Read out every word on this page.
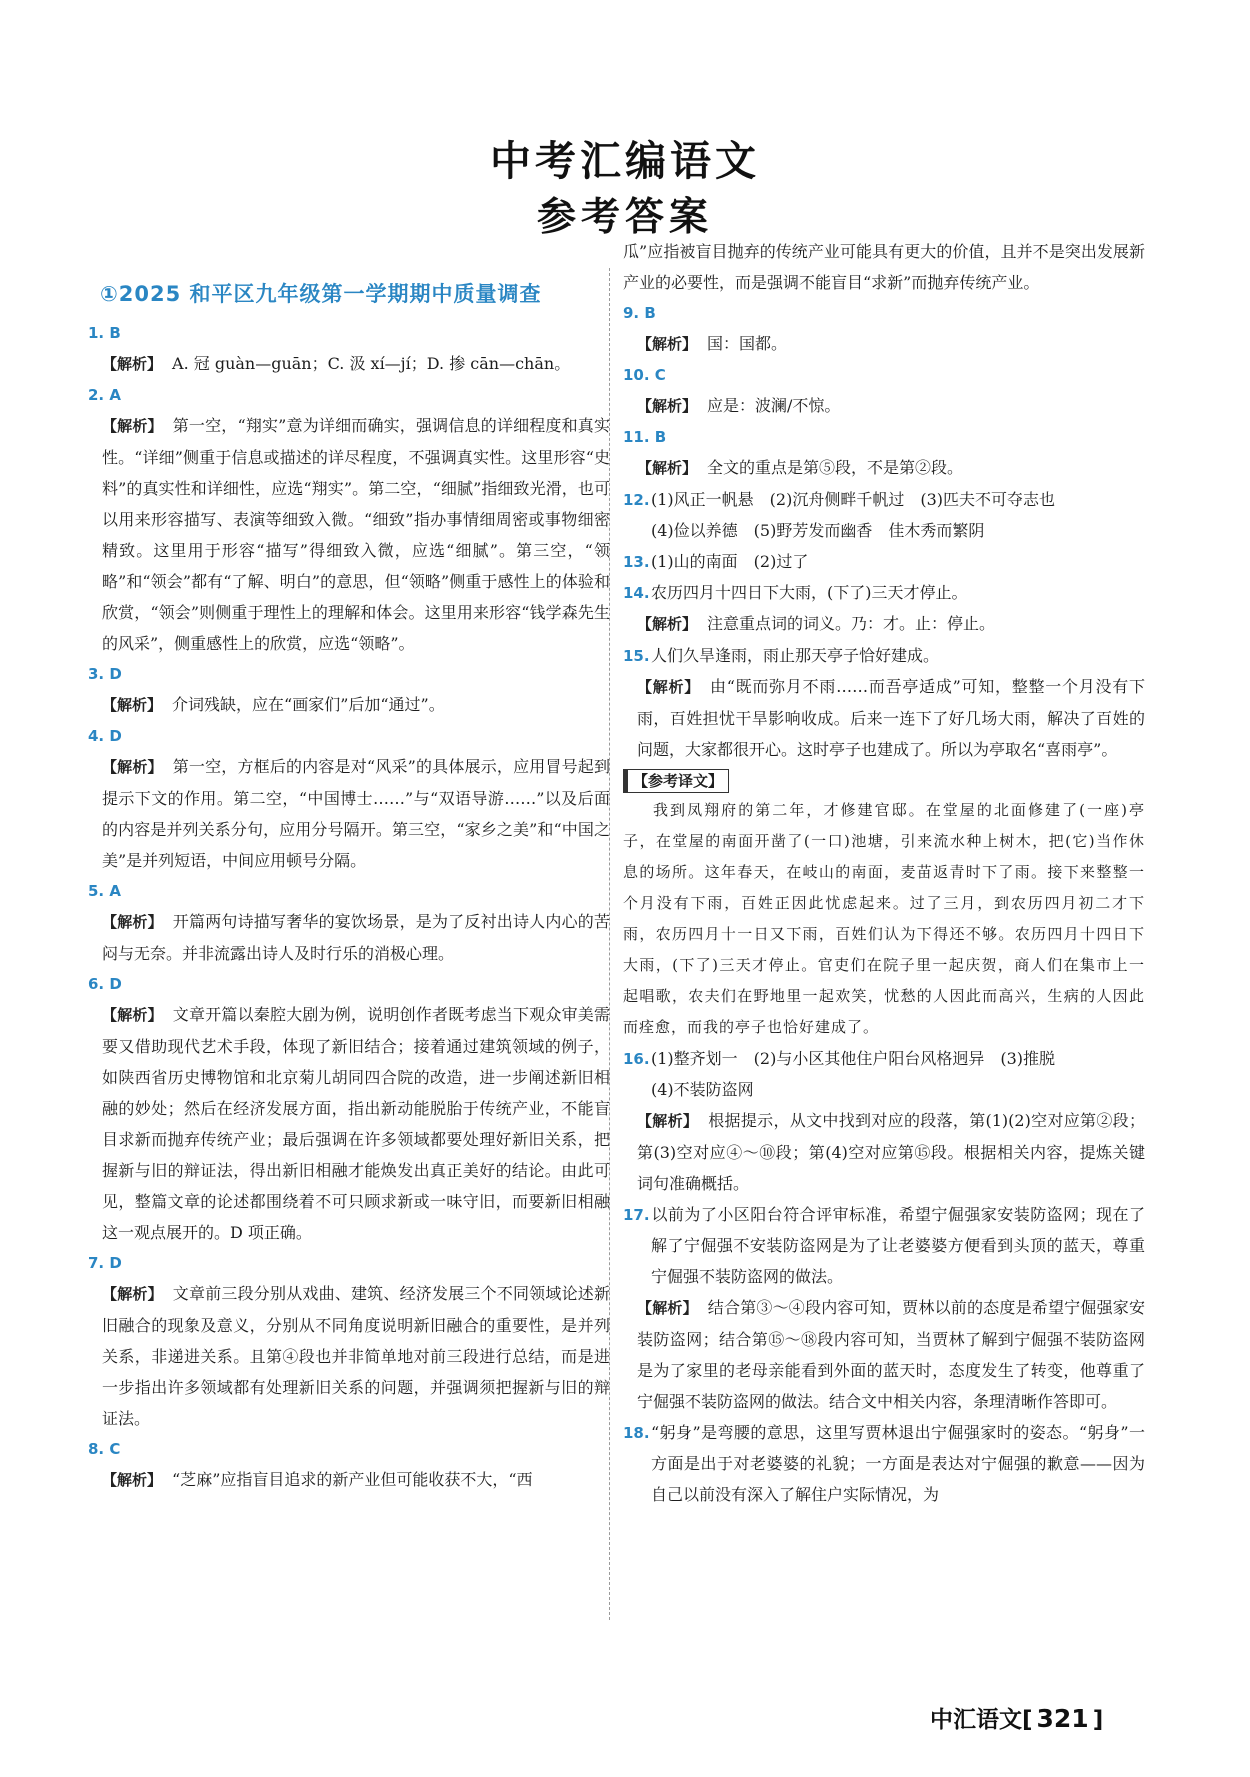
中考汇编语文
参考答案
①2025 和平区九年级第一学期期中质量调查
1. B
【解析】 A. 冠 guàn—guān；C. 汲 xí—jí；D. 掺 cān—chān。
2. A
【解析】 第一空，“翔实”意为详细而确实，强调信息的详细程度和真实性。“详细”侧重于信息或描述的详尽程度，不强调真实性。这里形容“史料”的真实性和详细性，应选“翔实”。第二空，“细腻”指细致光滑，也可以用来形容描写、表演等细致入微。“细致”指办事情细周密或事物细密精致。这里用于形容“描写”得细致入微，应选“细腻”。第三空，“领略”和“领会”都有“了解、明白”的意思，但“领略”侧重于感性上的体验和欣赏，“领会”则侧重于理性上的理解和体会。这里用来形容“钱学森先生的风采”，侧重感性上的欣赏，应选“领略”。
3. D
【解析】 介词残缺，应在“画家们”后加“通过”。
4. D
【解析】 第一空，方框后的内容是对“风采”的具体展示，应用冒号起到提示下文的作用。第二空，“中国博士……”与“双语导游……”以及后面的内容是并列关系分句，应用分号隔开。第三空，“家乡之美”和“中国之美”是并列短语，中间应用顿号分隔。
5. A
【解析】 开篇两句诗描写奢华的宴饮场景，是为了反衬出诗人内心的苦闷与无奈。并非流露出诗人及时行乐的消极心理。
6. D
【解析】 文章开篇以秦腔大剧为例，说明创作者既考虑当下观众审美需要又借助现代艺术手段，体现了新旧结合；接着通过建筑领域的例子，如陕西省历史博物馆和北京菊儿胡同四合院的改造，进一步阐述新旧相融的妙处；然后在经济发展方面，指出新动能脱胎于传统产业，不能盲目求新而抛弃传统产业；最后强调在许多领域都要处理好新旧关系，把握新与旧的辩证法，得出新旧相融才能焕发出真正美好的结论。由此可见，整篇文章的论述都围绕着不可只顾求新或一味守旧，而要新旧相融这一观点展开的。D 项正确。
7. D
【解析】 文章前三段分别从戏曲、建筑、经济发展三个不同领域论述新旧融合的现象及意义，分别从不同角度说明新旧融合的重要性，是并列关系，非递进关系。且第④段也并非简单地对前三段进行总结，而是进一步指出许多领域都有处理新旧关系的问题，并强调须把握新与旧的辩证法。
8. C
【解析】 “芝麻”应指盲目追求的新产业但可能收获不大，“西
瓜”应指被盲目抛弃的传统产业可能具有更大的价值，且并不是突出发展新产业的必要性，而是强调不能盲目“求新”而抛弃传统产业。
9. B
【解析】 国：国都。
10. C
【解析】 应是：波澜/不惊。
11. B
【解析】 全文的重点是第⑤段，不是第②段。
12.(1)风正一帆悬　(2)沉舟侧畔千帆过　(3)匹夫不可夺志也
(4)俭以养德　(5)野芳发而幽香　佳木秀而繁阴
13.(1)山的南面　(2)过了
14.农历四月十四日下大雨，(下了)三天才停止。
【解析】 注意重点词的词义。乃：才。止：停止。
15.人们久旱逢雨，雨止那天亭子恰好建成。
【解析】 由“既而弥月不雨……而吾亭适成”可知，整整一个月没有下雨，百姓担忧干旱影响收成。后来一连下了好几场大雨，解决了百姓的问题，大家都很开心。这时亭子也建成了。所以为亭取名“喜雨亭”。
【参考译文】
我到凤翔府的第二年，才修建官邸。在堂屋的北面修建了(一座)亭子，在堂屋的南面开凿了(一口)池塘，引来流水种上树木，把(它)当作休息的场所。这年春天，在岐山的南面，麦苗返青时下了雨。接下来整整一个月没有下雨，百姓正因此忧虑起来。过了三月，到农历四月初二才下雨，农历四月十一日又下雨，百姓们认为下得还不够。农历四月十四日下大雨，(下了)三天才停止。官吏们在院子里一起庆贺，商人们在集市上一起唱歌，农夫们在野地里一起欢笑，忧愁的人因此而高兴，生病的人因此而痊愈，而我的亭子也恰好建成了。
16.(1)整齐划一　(2)与小区其他住户阳台风格迥异　(3)推脱
(4)不装防盗网
【解析】 根据提示，从文中找到对应的段落，第(1)(2)空对应第②段；第(3)空对应④～⑩段；第(4)空对应第⑮段。根据相关内容，提炼关键词句准确概括。
17.以前为了小区阳台符合评审标准，希望宁倔强家安装防盗网；现在了解了宁倔强不安装防盗网是为了让老婆婆方便看到头顶的蓝天，尊重宁倔强不装防盗网的做法。
【解析】 结合第③～④段内容可知，贾林以前的态度是希望宁倔强家安装防盗网；结合第⑮～⑱段内容可知，当贾林了解到宁倔强不装防盗网是为了家里的老母亲能看到外面的蓝天时，态度发生了转变，他尊重了宁倔强不装防盗网的做法。结合文中相关内容，条理清晰作答即可。
18.“躬身”是弯腰的意思，这里写贾林退出宁倔强家时的姿态。“躬身”一方面是出于对老婆婆的礼貌；一方面是表达对宁倔强的歉意——因为自己以前没有深入了解住户实际情况，为
中汇语文[ 321 ]
